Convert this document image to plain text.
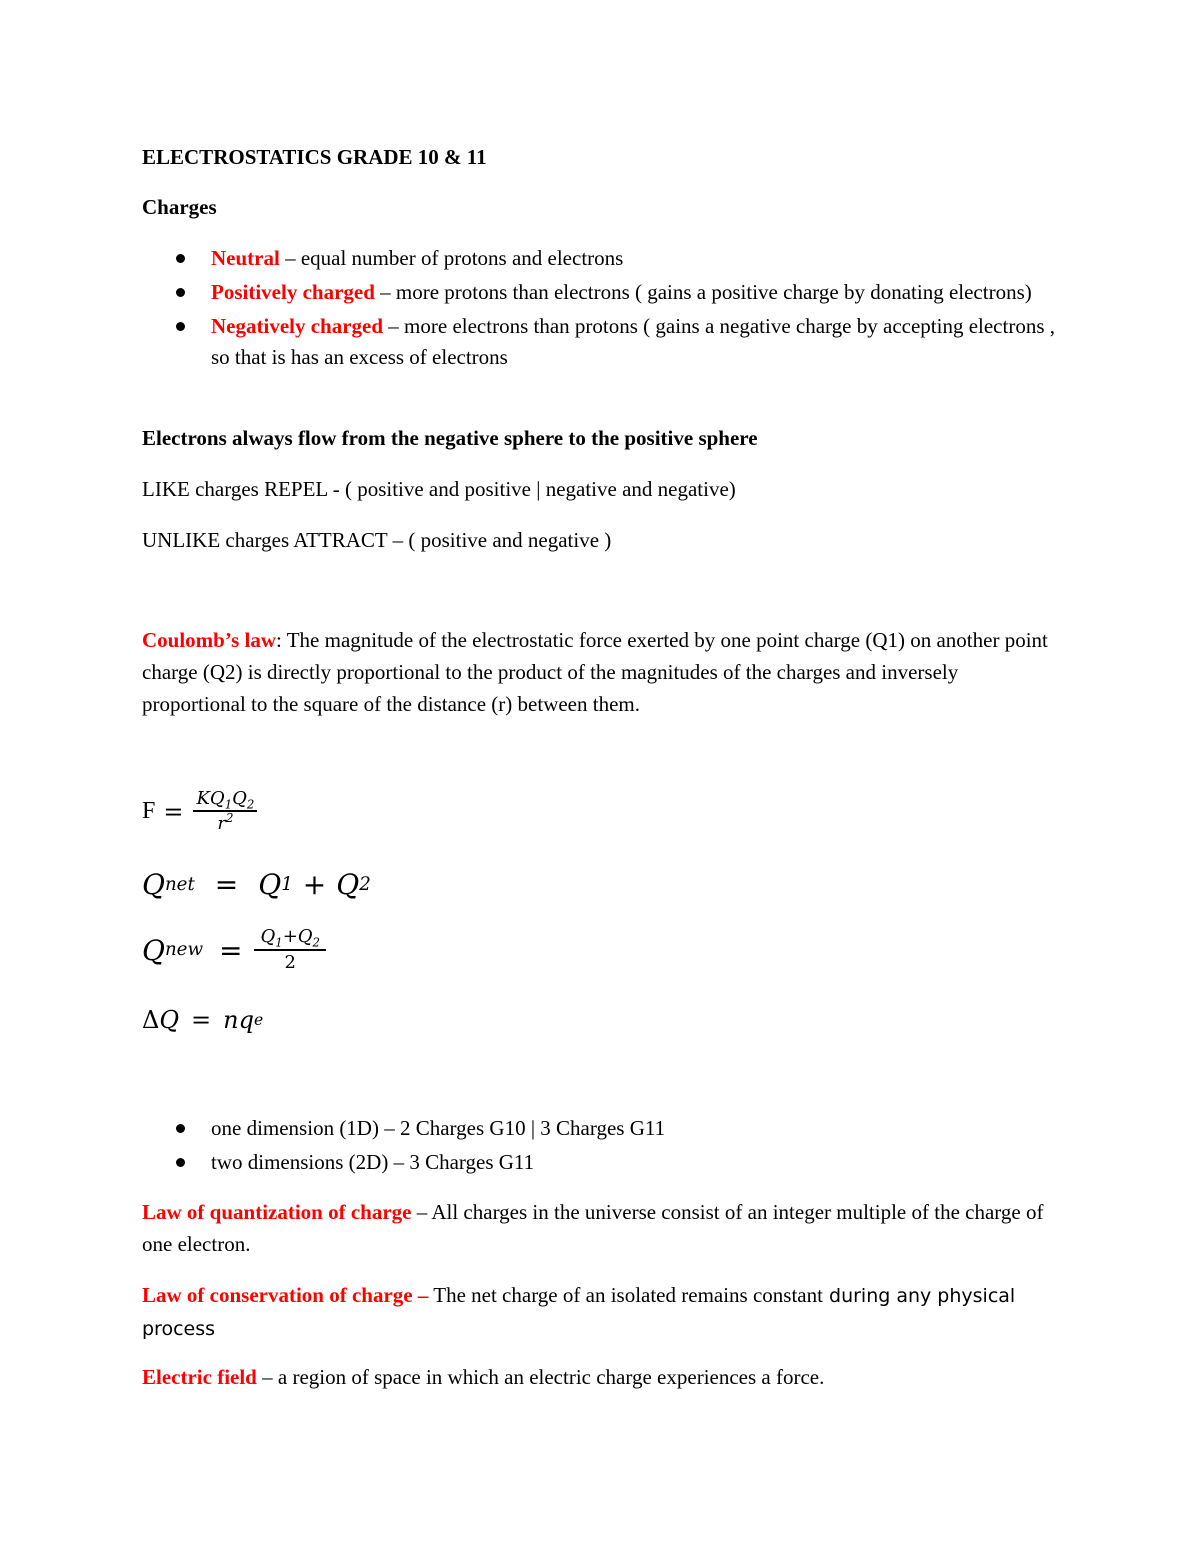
ELECTROSTATICS GRADE 10 & 11
Charges
Neutral – equal number of protons and electrons
Positively charged – more protons than electrons ( gains a positive charge by donating electrons)
Negatively charged – more electrons than protons ( gains a negative charge by accepting electrons , so that is has an excess of electrons
Electrons always flow from the negative sphere to the positive sphere
LIKE charges REPEL - ( positive and positive | negative and negative)
UNLIKE charges ATTRACT – ( positive and negative )
Coulomb’s law: The magnitude of the electrostatic force exerted by one point charge (Q1) on another point charge (Q2) is directly proportional to the product of the magnitudes of the charges and inversely proportional to the square of the distance (r) between them.
$F = \frac{KQ_1Q_2}{r^2}$
Q net = Q 1 + Q 2
Q new = $\frac{Q_1+Q_2}{2}$
Δ Q = nq e
one dimension (1D) – 2 Charges G10 | 3 Charges G11
two dimensions (2D) – 3 Charges G11
Law of quantization of charge – All charges in the universe consist of an integer multiple of the charge of one electron.
Law of conservation of charge – The net charge of an isolated remains constant during any physical process
Electric field – a region of space in which an electric charge experiences a force.
